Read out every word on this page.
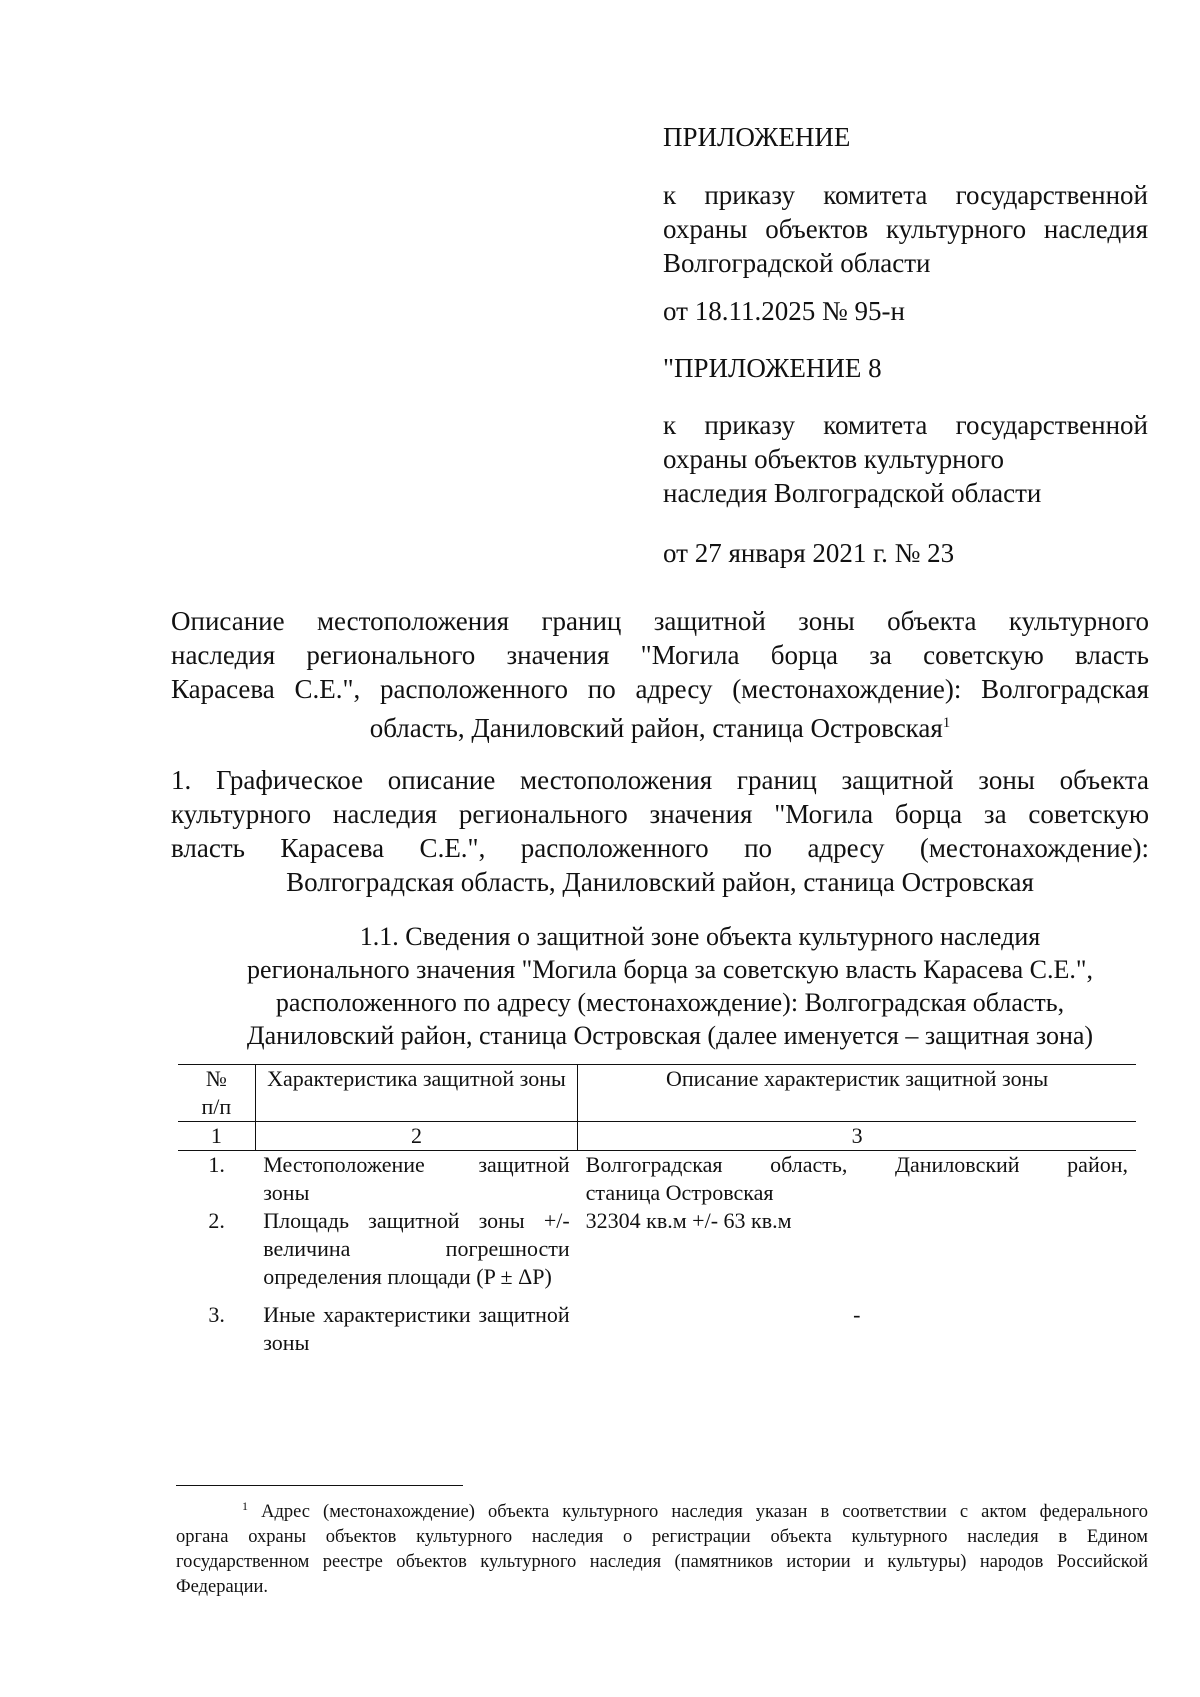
ПРИЛОЖЕНИЕ
к приказу комитета государственной
охраны объектов культурного наследия
Волгоградской области
от 18.11.2025 № 95-н
"ПРИЛОЖЕНИЕ 8
к приказу комитета государственной
охраны объектов культурного
наследия Волгоградской области
от 27 января 2021 г. № 23
Описание местоположения границ защитной зоны объекта культурного
наследия регионального значения "Могила борца за советскую власть
Карасева С.Е.", расположенного по адресу (местонахождение): Волгоградская
область, Даниловский район, станица Островская$^1$
1. Графическое описание местоположения границ защитной зоны объекта
культурного наследия регионального значения "Могила борца за советскую
власть Карасева С.Е.", расположенного по адресу (местонахождение):
Волгоградская область, Даниловский район, станица Островская
1.1. Сведения о защитной зоне объекта культурного наследия
регионального значения "Могила борца за советскую власть Карасева С.Е.",
расположенного по адресу (местонахождение): Волгоградская область,
Даниловский район, станица Островская (далее именуется – защитная зона)
№
п/п	Характеристика защитной зоны	Описание характеристик защитной зоны
1	2	3
1.	Местоположение защитной
зоны	Волгоградская область, Даниловский район,
станица Островская

2.	Площадь защитной зоны +/-
величина погрешности
определения площади (P ± ΔP)	32304 кв.м +/- 63 кв.м
3.	Иные характеристики защитной
зоны	-
$^1$ Адрес (местонахождение) объекта культурного наследия указан в соответствии с актом федерального
органа охраны объектов культурного наследия о регистрации объекта культурного наследия в Едином
государственном реестре объектов культурного наследия (памятников истории и культуры) народов Российской
Федерации.
